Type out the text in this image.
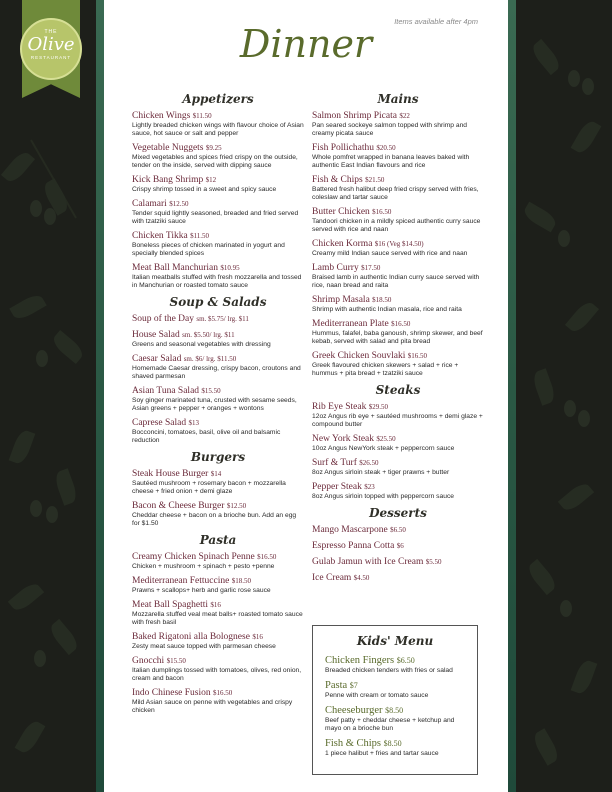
THE
Olive
RESTAURANT
Items available after 4pm
Dinner
Appetizers
Chicken Wings $11.50
Lightly breaded chicken wings with flavour choice of Asian sauce, hot sauce or salt and pepper
Vegetable Nuggets $9.25
Mixed vegetables and spices fried crispy on the outside, tender on the inside, served with dipping sauce
Kick Bang Shrimp $12
Crispy shrimp tossed in a sweet and spicy sauce
Calamari $12.50
Tender squid lightly seasoned, breaded and fried served with tzatziki sauce
Chicken Tikka $11.50
Boneless pieces of chicken marinated in yogurt and specially blended spices
Meat Ball Manchurian $10.95
Italian meatballs stuffed with fresh mozzarella and tossed in Manchurian or roasted tomato sauce
Soup & Salads
Soup of the Day sm. $5.75/ lrg. $11
House Salad sm. $5.50/ lrg. $11
Greens and seasonal vegetables with dressing
Caesar Salad sm. $6/ lrg. $11.50
Homemade Caesar dressing, crispy bacon, croutons and shaved parmesan
Asian Tuna Salad $15.50
Soy ginger marinated tuna, crusted with sesame seeds, Asian greens + pepper + oranges + wontons
Caprese Salad $13
Bocconcini, tomatoes, basil, olive oil and balsamic reduction
Burgers
Steak House Burger $14
Sautéed mushroom + rosemary bacon + mozzarella cheese + fried onion + demi glaze
Bacon & Cheese Burger $12.50
Cheddar cheese + bacon on a brioche bun. Add an egg for $1.50
Pasta
Creamy Chicken Spinach Penne $16.50
Chicken + mushroom + spinach + pesto +penne
Mediterranean Fettuccine $18.50
Prawns + scallops+ herb and garlic rose sauce
Meat Ball Spaghetti $16
Mozzarella stuffed veal meat balls+ roasted tomato sauce with fresh basil
Baked Rigatoni alla Bolognese $16
Zesty meat sauce topped with parmesan cheese
Gnocchi $15.50
Italian dumplings tossed with tomatoes, olives, red onion, cream and bacon
Indo Chinese Fusion $16.50
Mild Asian sauce on penne with vegetables and crispy chicken
Mains
Salmon Shrimp Picata $22
Pan seared sockeye salmon topped with shrimp and creamy picata sauce
Fish Pollichathu $20.50
Whole pomfret wrapped in banana leaves baked with authentic East Indian flavours and rice
Fish & Chips $21.50
Battered fresh halibut deep fried crispy served with fries, coleslaw and tartar sauce
Butter Chicken $16.50
Tandoori chicken in a mildly spiced authentic curry sauce served with rice and naan
Chicken Korma $16 (Veg $14.50)
Creamy mild Indian sauce served with rice and naan
Lamb Curry $17.50
Braised lamb in authentic Indian curry sauce served with rice, naan bread and raita
Shrimp Masala $18.50
Shrimp with authentic Indian masala, rice and raita
Mediterranean Plate $16.50
Hummus, falafel, baba ganoush, shrimp skewer, and beef kebab, served with salad and pita bread
Greek Chicken Souvlaki $16.50
Greek flavoured chicken skewers + salad + rice + hummus + pita bread + tzatziki sauce
Steaks
Rib Eye Steak $29.50
12oz Angus rib eye + sautéed mushrooms + demi glaze + compound butter
New York Steak $25.50
10oz Angus NewYork steak + peppercorn sauce
Surf & Turf $26.50
8oz Angus sirloin steak + tiger prawns + butter
Pepper Steak $23
8oz Angus sirloin topped with peppercorn sauce
Desserts
Mango Mascarpone $6.50
Espresso Panna Cotta $6
Gulab Jamun with Ice Cream $5.50
Ice Cream $4.50
Kids' Menu
Chicken Fingers $6.50
Breaded chicken tenders with fries or salad
Pasta $7
Penne with cream or tomato sauce
Cheeseburger $8.50
Beef patty + cheddar cheese + ketchup and mayo on a brioche bun
Fish & Chips $8.50
1 piece halibut + fries and tartar sauce
